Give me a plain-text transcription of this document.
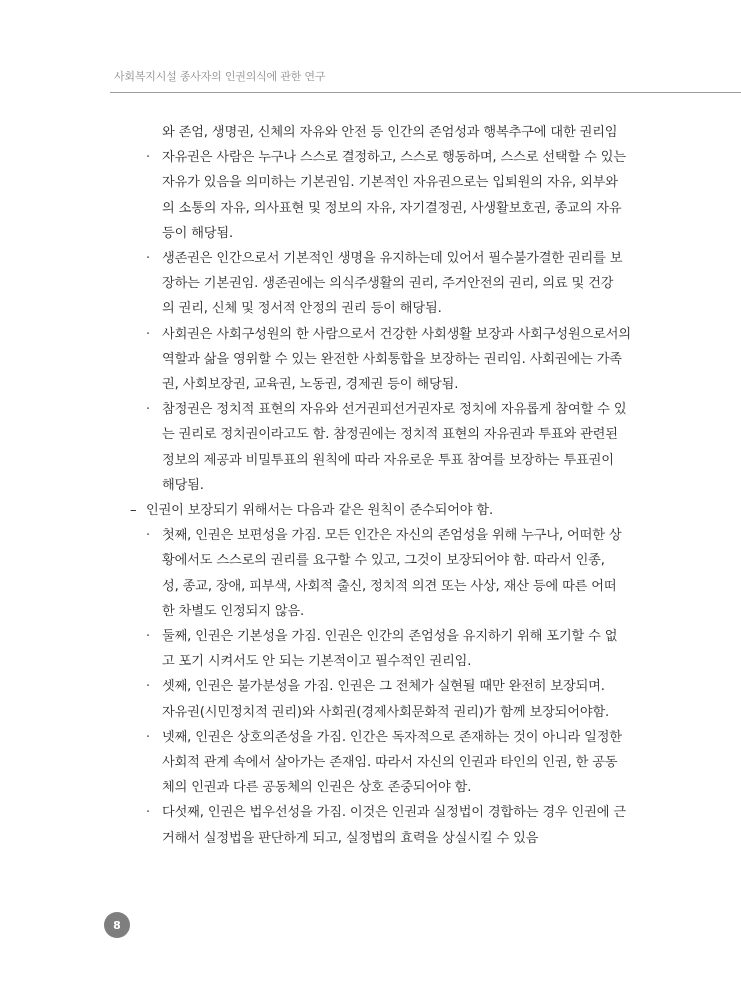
사회복지시설 종사자의 인권의식에 관한 연구
와 존엄, 생명권, 신체의 자유와 안전 등 인간의 존엄성과 행복추구에 대한 권리임
· 자유권은 사람은 누구나 스스로 결정하고, 스스로 행동하며, 스스로 선택할 수 있는
자유가 있음을 의미하는 기본권임. 기본적인 자유권으로는 입퇴원의 자유, 외부와
의 소통의 자유, 의사표현 및 정보의 자유, 자기결정권, 사생활보호권, 종교의 자유
등이 해당됨.
· 생존권은 인간으로서 기본적인 생명을 유지하는데 있어서 필수불가결한 권리를 보
장하는 기본권임. 생존권에는 의식주생활의 권리, 주거안전의 권리, 의료 및 건강
의 권리, 신체 및 정서적 안정의 권리 등이 해당됨.
· 사회권은 사회구성원의 한 사람으로서 건강한 사회생활 보장과 사회구성원으로서의
역할과 삶을 영위할 수 있는 완전한 사회통합을 보장하는 권리임. 사회권에는 가족
권, 사회보장권, 교육권, 노동권, 경제권 등이 해당됨.
· 참정권은 정치적 표현의 자유와 선거권피선거권자로 정치에 자유롭게 참여할 수 있
는 권리로 정치권이라고도 함. 참정권에는 정치적 표현의 자유권과 투표와 관련된
정보의 제공과 비밀투표의 원칙에 따라 자유로운 투표 참여를 보장하는 투표권이
해당됨.
– 인권이 보장되기 위해서는 다음과 같은 원칙이 준수되어야 함.
· 첫째, 인권은 보편성을 가짐. 모든 인간은 자신의 존엄성을 위해 누구나, 어떠한 상
황에서도 스스로의 권리를 요구할 수 있고, 그것이 보장되어야 함. 따라서 인종,
성, 종교, 장애, 피부색, 사회적 출신, 정치적 의견 또는 사상, 재산 등에 따른 어떠
한 차별도 인정되지 않음.
· 둘째, 인권은 기본성을 가짐. 인권은 인간의 존엄성을 유지하기 위해 포기할 수 없
고 포기 시켜서도 안 되는 기본적이고 필수적인 권리임.
· 셋째, 인권은 불가분성을 가짐. 인권은 그 전체가 실현될 때만 완전히 보장되며.
자유권(시민정치적 권리)와 사회권(경제사회문화적 권리)가 함께 보장되어야함.
· 넷째, 인권은 상호의존성을 가짐. 인간은 독자적으로 존재하는 것이 아니라 일정한
사회적 관계 속에서 살아가는 존재임. 따라서 자신의 인권과 타인의 인권, 한 공동
체의 인권과 다른 공동체의 인권은 상호 존중되어야 함.
· 다섯째, 인권은 법우선성을 가짐. 이것은 인권과 실정법이 경합하는 경우 인권에 근
거해서 실정법을 판단하게 되고, 실정법의 효력을 상실시킬 수 있음
8
